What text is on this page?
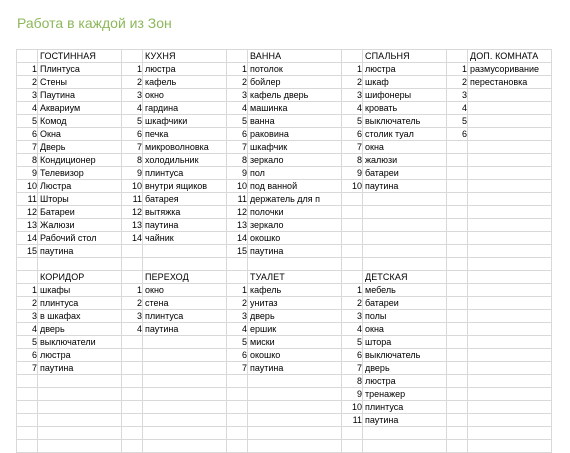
Работа в каждой из Зон
	ГОСТИННАЯ		КУХНЯ		ВАННА		СПАЛЬНЯ		ДОП. КОМНАТА
1	Плинтуса	1	люстра	1	потолок	1	люстра	1	размусоривание
2	Стены	2	кафель	2	бойлер	2	шкаф	2	перестановка
3	Паутина	3	окно	3	кафель дверь	3	шифонеры	3	
4	Аквариум	4	гардина	4	машинка	4	кровать	4	
5	Комод	5	шкафчики	5	ванна	5	выключатель	5	
6	Окна	6	печка	6	раковина	6	столик туал	6	
7	Дверь	7	микроволновка	7	шкафчик	7	окна		
8	Кондиционер	8	холодильник	8	зеркало	8	жалюзи		
9	Телевизор	9	плинтуса	9	пол	9	батареи		
10	Люстра	10	внутри ящиков	10	под ванной	10	паутина		
11	Шторы	11	батарея	11	держатель для п				
12	Батареи	12	вытяжка	12	полочки				
13	Жалюзи	13	паутина	13	зеркало				
14	Рабочий стол	14	чайник	14	окошко				
15	паутина			15	паутина				

	КОРИДОР		ПЕРЕХОД		ТУАЛЕТ		ДЕТСКАЯ		
1	шкафы	1	окно	1	кафель	1	мебель		
2	плинтуса	2	стена	2	унитаз	2	батареи		
3	в шкафах	3	плинтуса	3	дверь	3	полы		
4	дверь	4	паутина	4	ершик	4	окна		
5	выключатели			5	миски	5	штора		
6	люстра			6	окошко	6	выключатель		
7	паутина			7	паутина	7	дверь		
						8	люстра		
						9	тренажер		
						10	плинтуса		
						11	паутина		
